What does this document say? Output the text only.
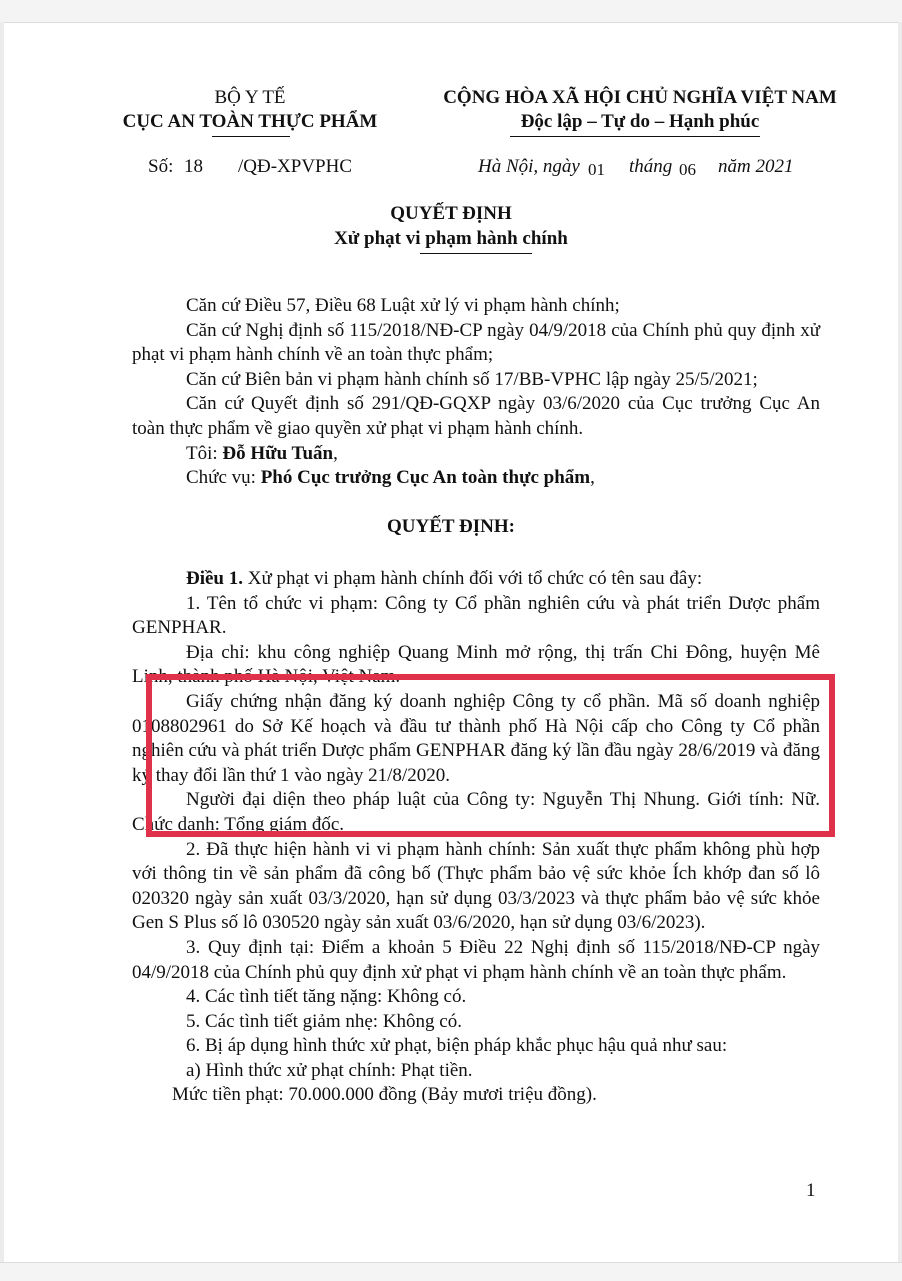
BỘ Y TẾ
CỤC AN TOÀN THỰC PHẨM
CỘNG HÒA XÃ HỘI CHỦ NGHĨA VIỆT NAM
Độc lập – Tự do – Hạnh phúc
Số: 18 /QĐ-XPVPHC	Hà Nội, ngày 01 tháng 06 năm 2021
QUYẾT ĐỊNH
Xử phạt vi phạm hành chính

Căn cứ Điều 57, Điều 68 Luật xử lý vi phạm hành chính;

Căn cứ Nghị định số 115/2018/NĐ-CP ngày 04/9/2018 của Chính phủ quy định xử phạt vi phạm hành chính về an toàn thực phẩm;

Căn cứ Biên bản vi phạm hành chính số 17/BB-VPHC lập ngày 25/5/2021;

Căn cứ Quyết định số 291/QĐ-GQXP ngày 03/6/2020 của Cục trưởng Cục An toàn thực phẩm về giao quyền xử phạt vi phạm hành chính.

Tôi: Đỗ Hữu Tuấn,

Chức vụ: Phó Cục trưởng Cục An toàn thực phẩm,

QUYẾT ĐỊNH:

Điều 1. Xử phạt vi phạm hành chính đối với tổ chức có tên sau đây:

1. Tên tổ chức vi phạm: Công ty Cổ phần nghiên cứu và phát triển Dược phẩm GENPHAR.

Địa chỉ: khu công nghiệp Quang Minh mở rộng, thị trấn Chi Đông, huyện Mê Linh, thành phố Hà Nội, Việt Nam.

Giấy chứng nhận đăng ký doanh nghiệp Công ty cổ phần. Mã số doanh nghiệp 0108802961 do Sở Kế hoạch và đầu tư thành phố Hà Nội cấp cho Công ty Cổ phần nghiên cứu và phát triển Dược phẩm GENPHAR đăng ký lần đầu ngày 28/6/2019 và đăng ký thay đổi lần thứ 1 vào ngày 21/8/2020.

Người đại diện theo pháp luật của Công ty: Nguyễn Thị Nhung. Giới tính: Nữ. Chức danh: Tổng giám đốc.

2. Đã thực hiện hành vi vi phạm hành chính: Sản xuất thực phẩm không phù hợp với thông tin về sản phẩm đã công bố (Thực phẩm bảo vệ sức khỏe Ích khớp đan số lô 020320 ngày sản xuất 03/3/2020, hạn sử dụng 03/3/2023 và thực phẩm bảo vệ sức khỏe Gen S Plus số lô 030520 ngày sản xuất 03/6/2020, hạn sử dụng 03/6/2023).

3. Quy định tại: Điểm a khoản 5 Điều 22 Nghị định số 115/2018/NĐ-CP ngày 04/9/2018 của Chính phủ quy định xử phạt vi phạm hành chính về an toàn thực phẩm.

4. Các tình tiết tăng nặng: Không có.

5. Các tình tiết giảm nhẹ: Không có.

6. Bị áp dụng hình thức xử phạt, biện pháp khắc phục hậu quả như sau:

a) Hình thức xử phạt chính: Phạt tiền.

Mức tiền phạt: 70.000.000 đồng (Bảy mươi triệu đồng).

1
